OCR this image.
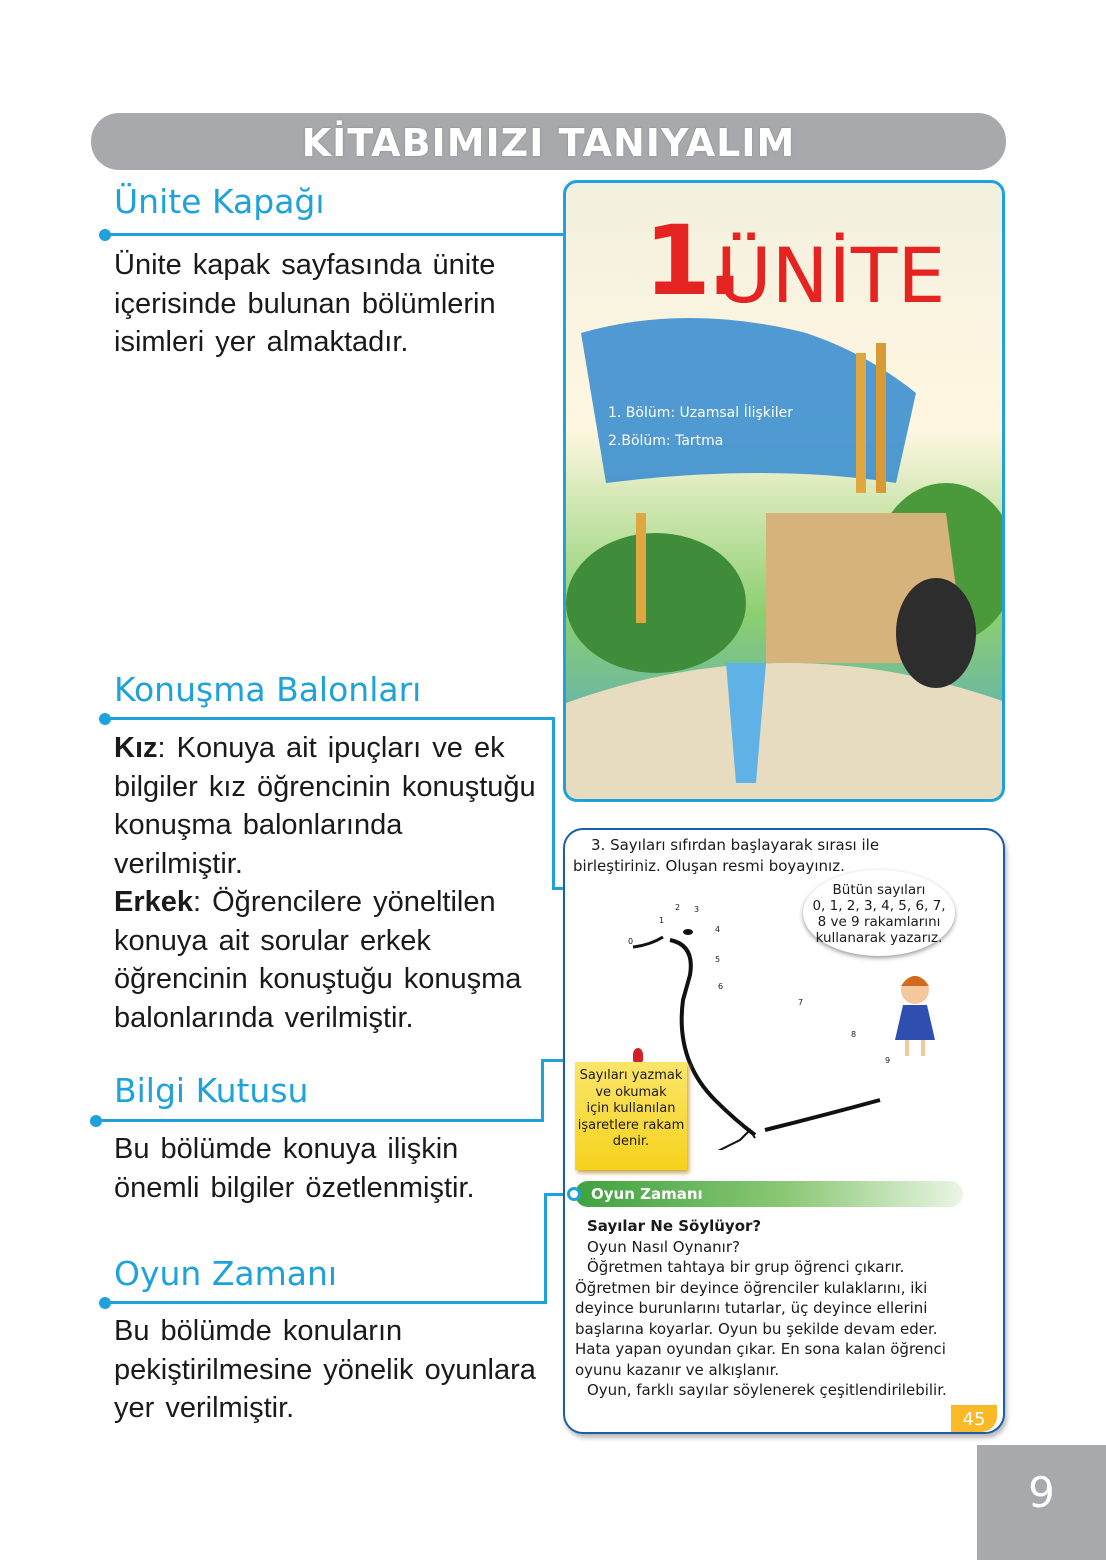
KİTABIMIZI TANIYALIM
Ünite Kapağı
Ünite kapak sayfasında ünite
içerisinde bulunan bölümlerin
isimleri yer almaktadır.
Konuşma Balonları
Kız: Konuya ait ipuçları ve ek
bilgiler kız öğrencinin konuştuğu
konuşma balonlarında
verilmiştir.
Erkek: Öğrencilere yöneltilen
konuya ait sorular erkek
öğrencinin konuştuğu konuşma
balonlarında verilmiştir.
Bilgi Kutusu
Bu bölümde konuya ilişkin
önemli bilgiler özetlenmiştir.
Oyun Zamanı
Bu bölümde konuların
pekiştirilmesine yönelik oyunlara
yer verilmiştir.
1.
ÜNİTE
1. Bölüm: Uzamsal İlişkiler
2.Bölüm: Tartma
3. Sayıları sıfırdan başlayarak sırası ile
birleştiriniz. Oluşan resmi boyayınız.
Bütün sayıları
0, 1, 2, 3, 4, 5, 6, 7,
8 ve 9 rakamlarını
kullanarak yazarız.
0
1
2 3
4
5
6
7
8
9
Sayıları yazmak
ve okumak
için kullanılan
işaretlere rakam
denir.
Oyun Zamanı
Sayılar Ne Söylüyor?
Oyun Nasıl Oynanır?
Öğretmen tahtaya bir grup öğrenci çıkarır.
Öğretmen bir deyince öğrenciler kulaklarını, iki
deyince burunlarını tutarlar, üç deyince ellerini
başlarına koyarlar. Oyun bu şekilde devam eder.
Hata yapan oyundan çıkar. En sona kalan öğrenci
oyunu kazanır ve alkışlanır.
Oyun, farklı sayılar söylenerek çeşitlendirilebilir.
45
9
